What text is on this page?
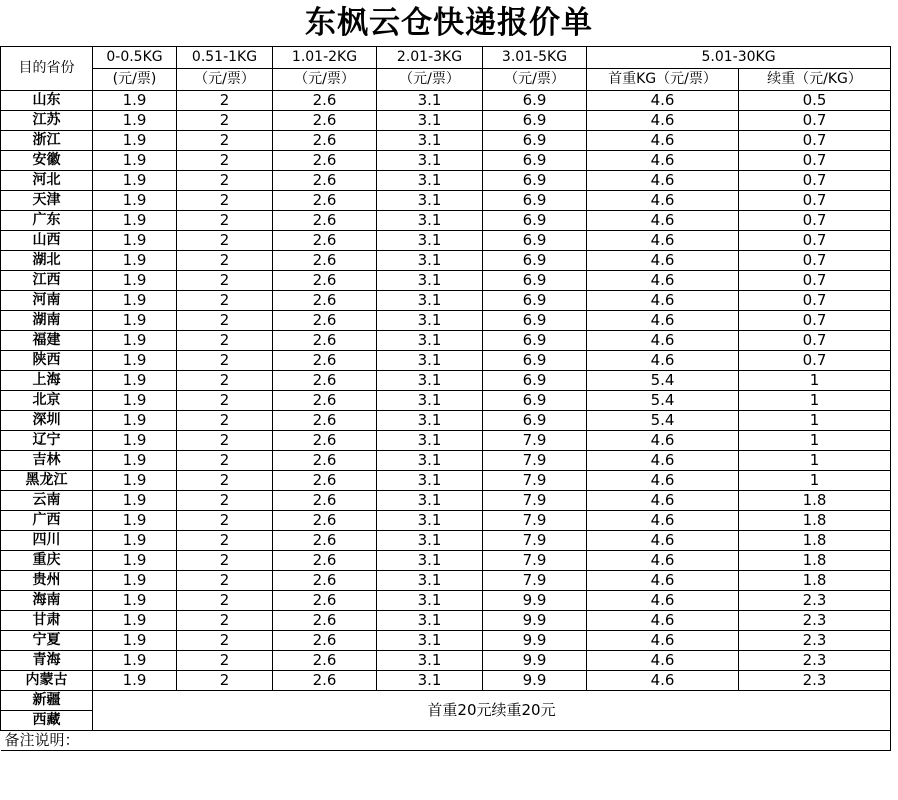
东枫云仓快递报价单
目的省份	0-0.5KG	0.51-1KG	1.01-2KG	2.01-3KG	3.01-5KG	5.01-30KG	
	(元/票)	（元/票）	（元/票）	（元/票）	（元/票）	首重KG（元/票）	续重（元/KG）
山东	1.9	2	2.6	3.1	6.9	4.6	0.5
江苏	1.9	2	2.6	3.1	6.9	4.6	0.7
浙江	1.9	2	2.6	3.1	6.9	4.6	0.7
安徽	1.9	2	2.6	3.1	6.9	4.6	0.7
河北	1.9	2	2.6	3.1	6.9	4.6	0.7
天津	1.9	2	2.6	3.1	6.9	4.6	0.7
广东	1.9	2	2.6	3.1	6.9	4.6	0.7
山西	1.9	2	2.6	3.1	6.9	4.6	0.7
湖北	1.9	2	2.6	3.1	6.9	4.6	0.7
江西	1.9	2	2.6	3.1	6.9	4.6	0.7
河南	1.9	2	2.6	3.1	6.9	4.6	0.7
湖南	1.9	2	2.6	3.1	6.9	4.6	0.7
福建	1.9	2	2.6	3.1	6.9	4.6	0.7
陕西	1.9	2	2.6	3.1	6.9	4.6	0.7
上海	1.9	2	2.6	3.1	6.9	5.4	1
北京	1.9	2	2.6	3.1	6.9	5.4	1
深圳	1.9	2	2.6	3.1	6.9	5.4	1
辽宁	1.9	2	2.6	3.1	7.9	4.6	1
吉林	1.9	2	2.6	3.1	7.9	4.6	1
黑龙江	1.9	2	2.6	3.1	7.9	4.6	1
云南	1.9	2	2.6	3.1	7.9	4.6	1.8
广西	1.9	2	2.6	3.1	7.9	4.6	1.8
四川	1.9	2	2.6	3.1	7.9	4.6	1.8
重庆	1.9	2	2.6	3.1	7.9	4.6	1.8
贵州	1.9	2	2.6	3.1	7.9	4.6	1.8
海南	1.9	2	2.6	3.1	9.9	4.6	2.3
甘肃	1.9	2	2.6	3.1	9.9	4.6	2.3
宁夏	1.9	2	2.6	3.1	9.9	4.6	2.3
青海	1.9	2	2.6	3.1	9.9	4.6	2.3
内蒙古	1.9	2	2.6	3.1	9.9	4.6	2.3
新疆	首重20元续重20元						
西藏							
备注说明：							
